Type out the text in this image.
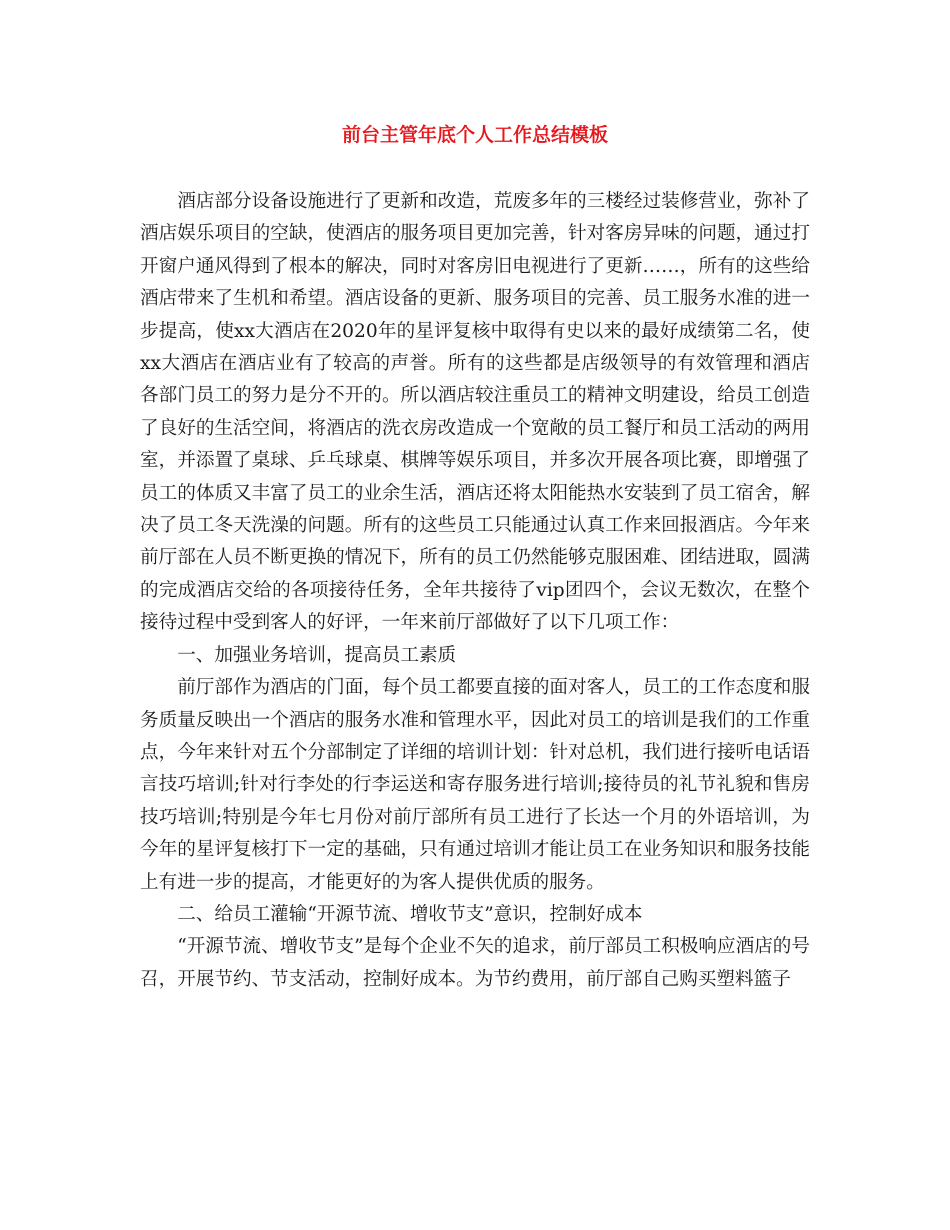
前台主管年底个人工作总结模板

酒店部分设备设施进行了更新和改造，荒废多年的三楼经过装修营业，弥补了酒店娱乐项目的空缺，使酒店的服务项目更加完善，针对客房异味的问题，通过打开窗户通风得到了根本的解决，同时对客房旧电视进行了更新……，所有的这些给酒店带来了生机和希望。酒店设备的更新、服务项目的完善、员工服务水准的进一步提高，使xx大酒店在2020年的星评复核中取得有史以来的最好成绩第二名，使xx大酒店在酒店业有了较高的声誉。所有的这些都是店级领导的有效管理和酒店各部门员工的努力是分不开的。所以酒店较注重员工的精神文明建设，给员工创造了良好的生活空间，将酒店的洗衣房改造成一个宽敞的员工餐厅和员工活动的两用室，并添置了桌球、乒乓球桌、棋牌等娱乐项目，并多次开展各项比赛，即增强了员工的体质又丰富了员工的业余生活，酒店还将太阳能热水安装到了员工宿舍，解决了员工冬天洗澡的问题。所有的这些员工只能通过认真工作来回报酒店。今年来前厅部在人员不断更换的情况下，所有的员工仍然能够克服困难、团结进取，圆满的完成酒店交给的各项接待任务，全年共接待了vip团四个，会议无数次，在整个接待过程中受到客人的好评，一年来前厅部做好了以下几项工作：

一、加强业务培训，提高员工素质

前厅部作为酒店的门面，每个员工都要直接的面对客人，员工的工作态度和服务质量反映出一个酒店的服务水准和管理水平，因此对员工的培训是我们的工作重点，今年来针对五个分部制定了详细的培训计划：针对总机，我们进行接听电话语言技巧培训;针对行李处的行李运送和寄存服务进行培训;接待员的礼节礼貌和售房技巧培训;特别是今年七月份对前厅部所有员工进行了长达一个月的外语培训，为今年的星评复核打下一定的基础，只有通过培训才能让员工在业务知识和服务技能上有进一步的提高，才能更好的为客人提供优质的服务。

二、给员工灌输“开源节流、增收节支”意识，控制好成本

“开源节流、增收节支”是每个企业不矢的追求，前厅部员工积极响应酒店的号召，开展节约、节支活动，控制好成本。为节约费用，前厅部自己购买塑料篮子
